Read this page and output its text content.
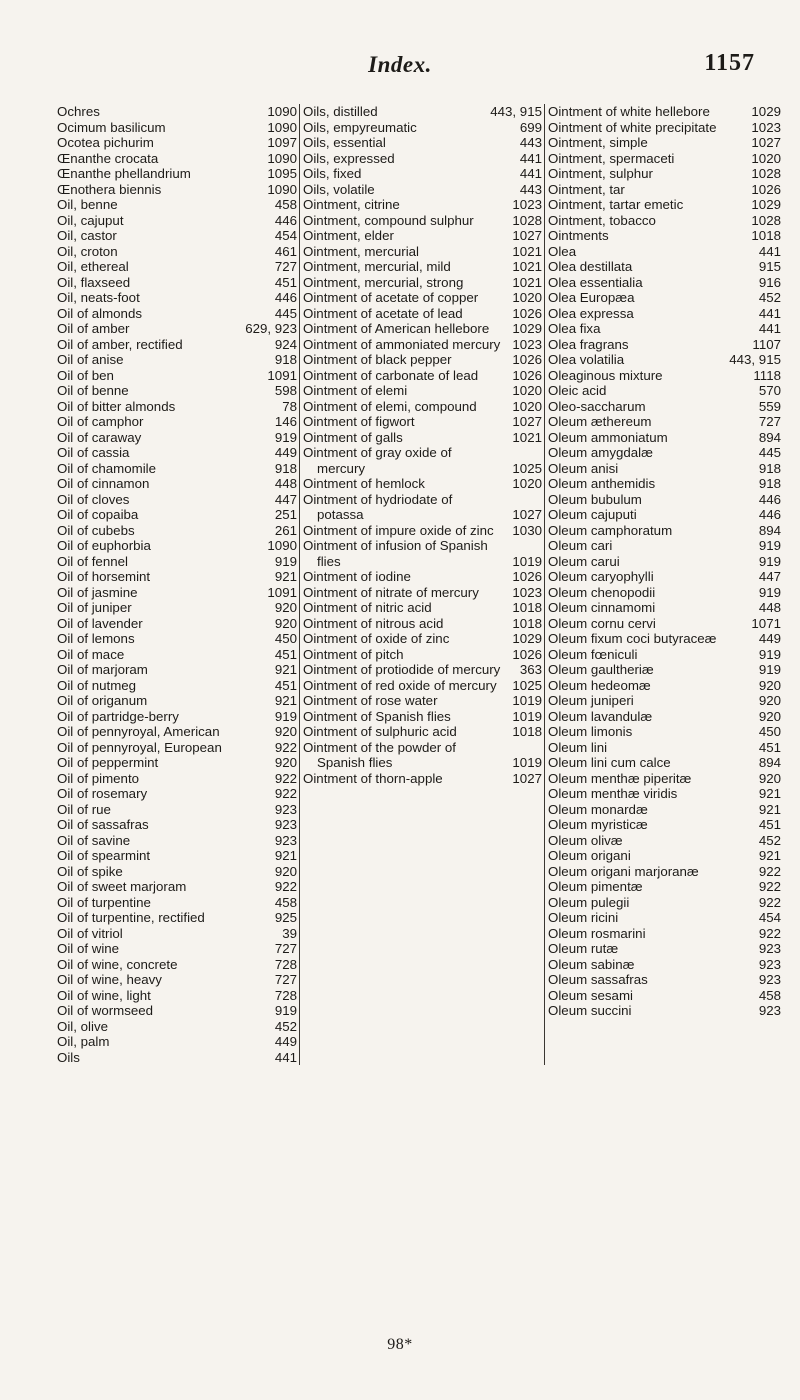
Index.	1157
Ochres	1090
Ocimum basilicum	1090
Ocotea pichurim	1097
Œnanthe crocata	1090
Œnanthe phellandrium	1095
Œnothera biennis	1090
Oil, benne	458
Oil, cajuput	446
Oil, castor	454
Oil, croton	461
Oil, ethereal	727
Oil, flaxseed	451
Oil, neats-foot	446
Oil of almonds	445
Oil of amber	629, 923
Oil of amber, rectified	924
Oil of anise	918
Oil of ben	1091
Oil of benne	598
Oil of bitter almonds	78
Oil of camphor	146
Oil of caraway	919
Oil of cassia	449
Oil of chamomile	918
Oil of cinnamon	448
Oil of cloves	447
Oil of copaiba	251
Oil of cubebs	261
Oil of euphorbia	1090
Oil of fennel	919
Oil of horsemint	921
Oil of jasmine	1091
Oil of juniper	920
Oil of lavender	920
Oil of lemons	450
Oil of mace	451
Oil of marjoram	921
Oil of nutmeg	451
Oil of origanum	921
Oil of partridge-berry	919
Oil of pennyroyal, American	920
Oil of pennyroyal, European	922
Oil of peppermint	920
Oil of pimento	922
Oil of rosemary	922
Oil of rue	923
Oil of sassafras	923
Oil of savine	923
Oil of spearmint	921
Oil of spike	920
Oil of sweet marjoram	922
Oil of turpentine	458
Oil of turpentine, rectified	925
Oil of vitriol	39
Oil of wine	727
Oil of wine, concrete	728
Oil of wine, heavy	727
Oil of wine, light	728
Oil of wormseed	919
Oil, olive	452
Oil, palm	449
Oils	441
Oils, distilled	443, 915
Oils, empyreumatic	699
Oils, essential	443
Oils, expressed	441
Oils, fixed	441
Oils, volatile	443
Ointment, citrine	1023
Ointment, compound sulphur	1028
Ointment, elder	1027
Ointment, mercurial	1021
Ointment, mercurial, mild	1021
Ointment, mercurial, strong	1021
Ointment of acetate of copper	1020
Ointment of acetate of lead	1026
Ointment of American hellebore	1029
Ointment of ammoniated mercury 1023
Ointment of black pepper	1026
Ointment of carbonate of lead	1026
Ointment of elemi	1020
Ointment of elemi, compound	1020
Ointment of figwort	1027
Ointment of galls	1021
Ointment of gray oxide of mercury	1025
Ointment of hemlock	1020
Ointment of hydriodate of potassa	1027
Ointment of impure oxide of zinc	1030
Ointment of infusion of Spanish flies	1019
Ointment of iodine	1026
Ointment of nitrate of mercury	1023
Ointment of nitric acid	1018
Ointment of nitrous acid	1018
Ointment of oxide of zinc	1029
Ointment of pitch	1026
Ointment of protiodide of mercury 363
Ointment of red oxide of mercury	1025
Ointment of rose water	1019
Ointment of Spanish flies	1019
Ointment of sulphuric acid	1018
Ointment of the powder of Spanish flies	1019
Ointment of thorn-apple	1027
Ointment of white hellebore	1029
Ointment of white precipitate	1023
Ointment, simple	1027
Ointment, spermaceti	1020
Ointment, sulphur	1028
Ointment, tar	1026
Ointment, tartar emetic	1029
Ointment, tobacco	1028
Ointments	1018
Olea	441
Olea destillata	915
Olea essentialia	916
Olea Europæa	452
Olea expressa	441
Olea fixa	441
Olea fragrans	1107
Olea volatilia	443, 915
Oleaginous mixture	1118
Oleic acid	570
Oleo-saccharum	559
Oleum æthereum	727
Oleum ammoniatum	894
Oleum amygdalæ	445
Oleum anisi	918
Oleum anthemidis	918
Oleum bubulum	446
Oleum cajuputi	446
Oleum camphoratum	894
Oleum cari	919
Oleum carui	919
Oleum caryophylli	447
Oleum chenopodii	919
Oleum cinnamomi	448
Oleum cornu cervi	1071
Oleum fixum coci butyraceæ	449
Oleum fœniculi	919
Oleum gaultheriæ	919
Oleum hedeomæ	920
Oleum juniperi	920
Oleum lavandulæ	920
Oleum limonis	450
Oleum lini	451
Oleum lini cum calce	894
Oleum menthæ piperitæ	920
Oleum menthæ viridis	921
Oleum monardæ	921
Oleum myristicæ	451
Oleum olivæ	452
Oleum origani	921
Oleum origani marjoranæ	922
Oleum pimentæ	922
Oleum pulegii	922
Oleum ricini	454
Oleum rosmarini	922
Oleum rutæ	923
Oleum sabinæ	923
Oleum sassafras	923
Oleum sesami	458
Oleum succini	923
98*
